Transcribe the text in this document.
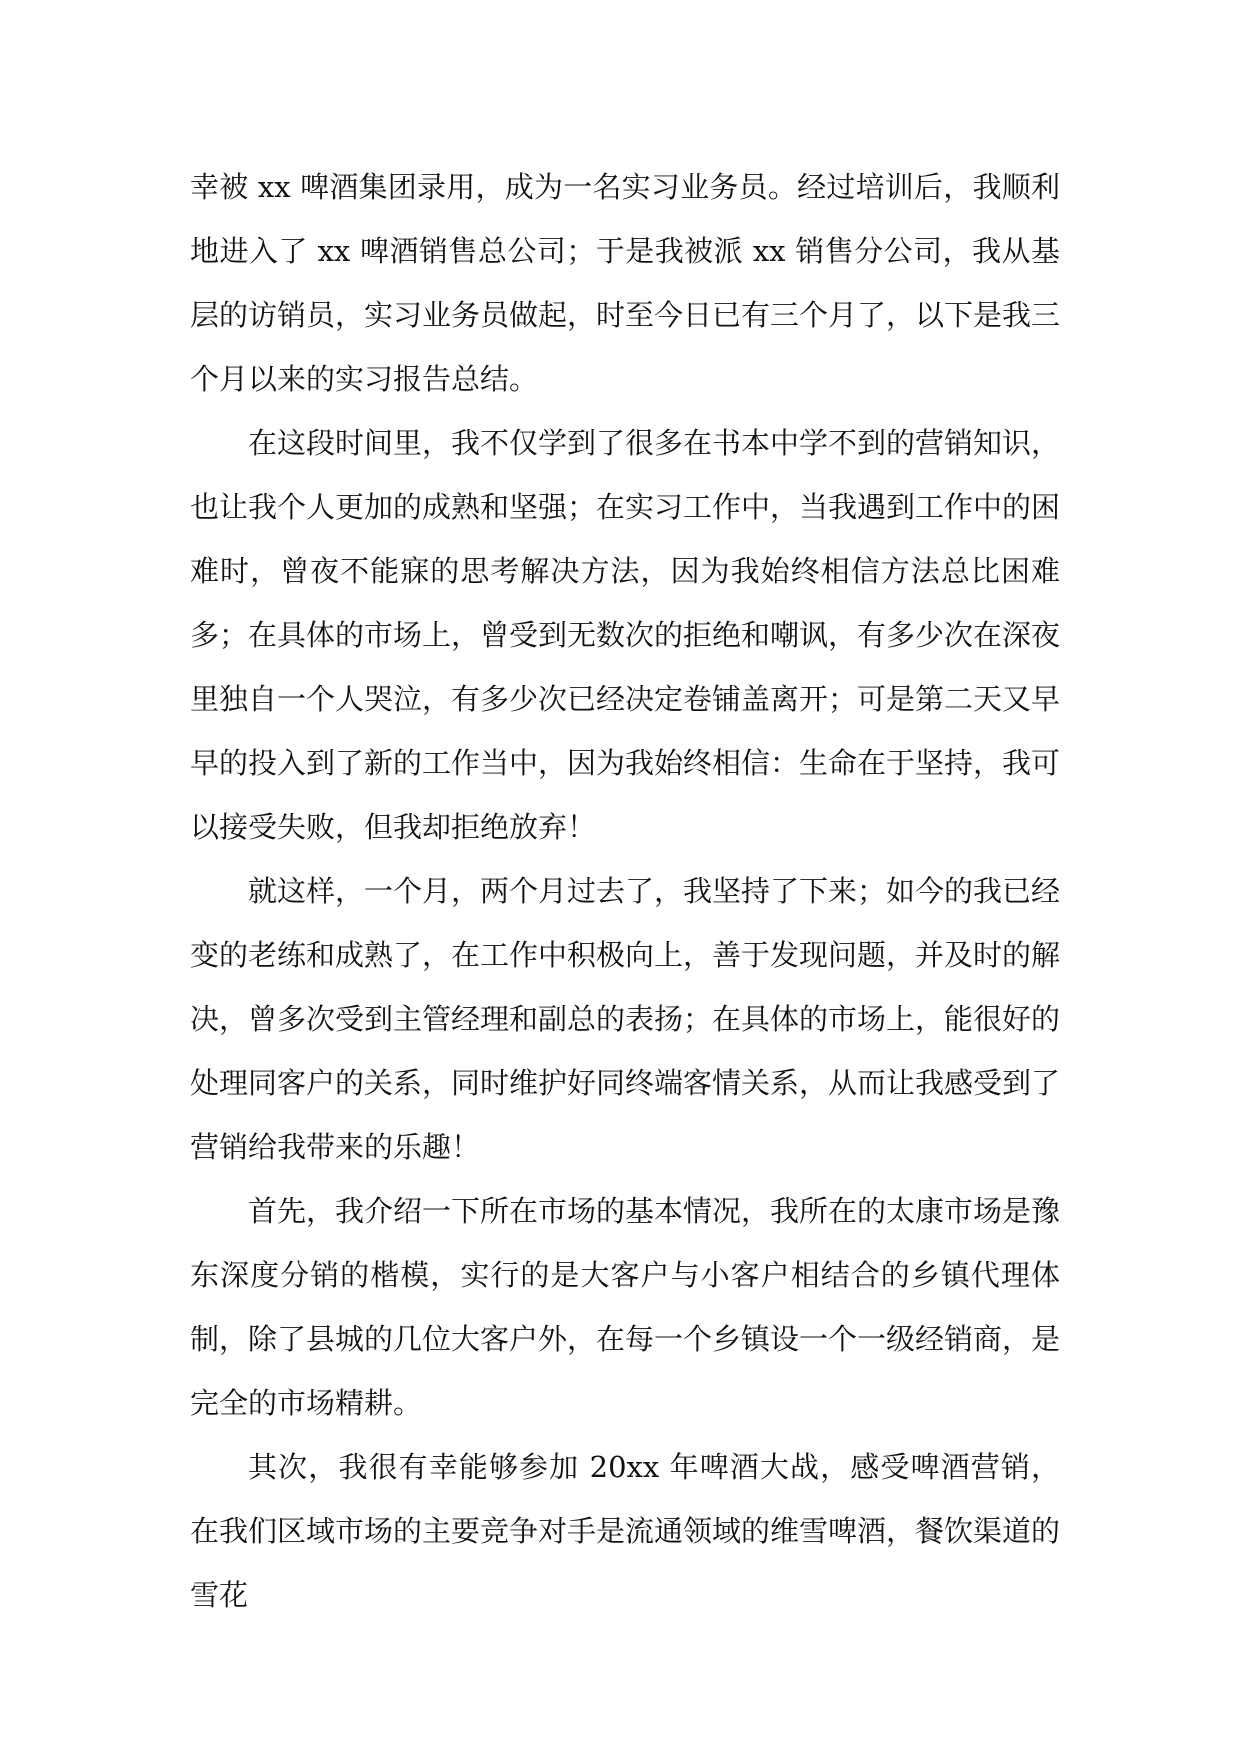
幸被 xx 啤酒集团录用，成为一名实习业务员。经过培训后，我顺利地进入了 xx 啤酒销售总公司；于是我被派 xx 销售分公司，我从基层的访销员，实习业务员做起，时至今日已有三个月了，以下是我三个月以来的实习报告总结。

在这段时间里，我不仅学到了很多在书本中学不到的营销知识，也让我个人更加的成熟和坚强；在实习工作中，当我遇到工作中的困难时，曾夜不能寐的思考解决方法，因为我始终相信方法总比困难多；在具体的市场上，曾受到无数次的拒绝和嘲讽，有多少次在深夜里独自一个人哭泣，有多少次已经决定卷铺盖离开；可是第二天又早早的投入到了新的工作当中，因为我始终相信：生命在于坚持，我可以接受失败，但我却拒绝放弃！

就这样，一个月，两个月过去了，我坚持了下来；如今的我已经变的老练和成熟了，在工作中积极向上，善于发现问题，并及时的解决，曾多次受到主管经理和副总的表扬；在具体的市场上，能很好的处理同客户的关系，同时维护好同终端客情关系，从而让我感受到了营销给我带来的乐趣！

首先，我介绍一下所在市场的基本情况，我所在的太康市场是豫东深度分销的楷模，实行的是大客户与小客户相结合的乡镇代理体制，除了县城的几位大客户外，在每一个乡镇设一个一级经销商，是完全的市场精耕。

其次，我很有幸能够参加 20xx 年啤酒大战，感受啤酒营销，在我们区域市场的主要竞争对手是流通领域的维雪啤酒，餐饮渠道的雪花
